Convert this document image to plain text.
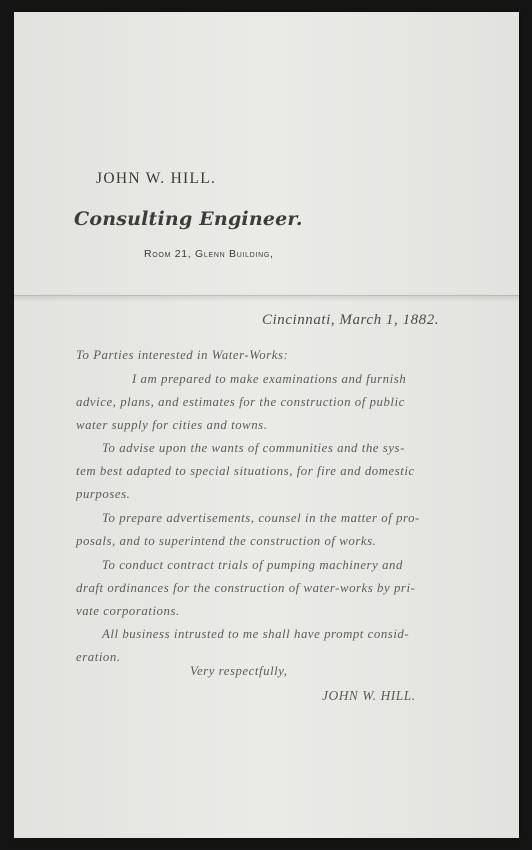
JOHN W. HILL.
Consulting Engineer.
Room 21, Glenn Building,
Cincinnati, March 1, 1882.
To Parties interested in Water-Works:
I am prepared to make examinations and furnish
advice, plans, and estimates for the construction of public
water supply for cities and towns.
To advise upon the wants of communities and the sys-
tem best adapted to special situations, for fire and domestic
purposes.
To prepare advertisements, counsel in the matter of pro-
posals, and to superintend the construction of works.
To conduct contract trials of pumping machinery and
draft ordinances for the construction of water-works by pri-
vate corporations.
All business intrusted to me shall have prompt consid-
eration.
Very respectfully,
JOHN W. HILL.
